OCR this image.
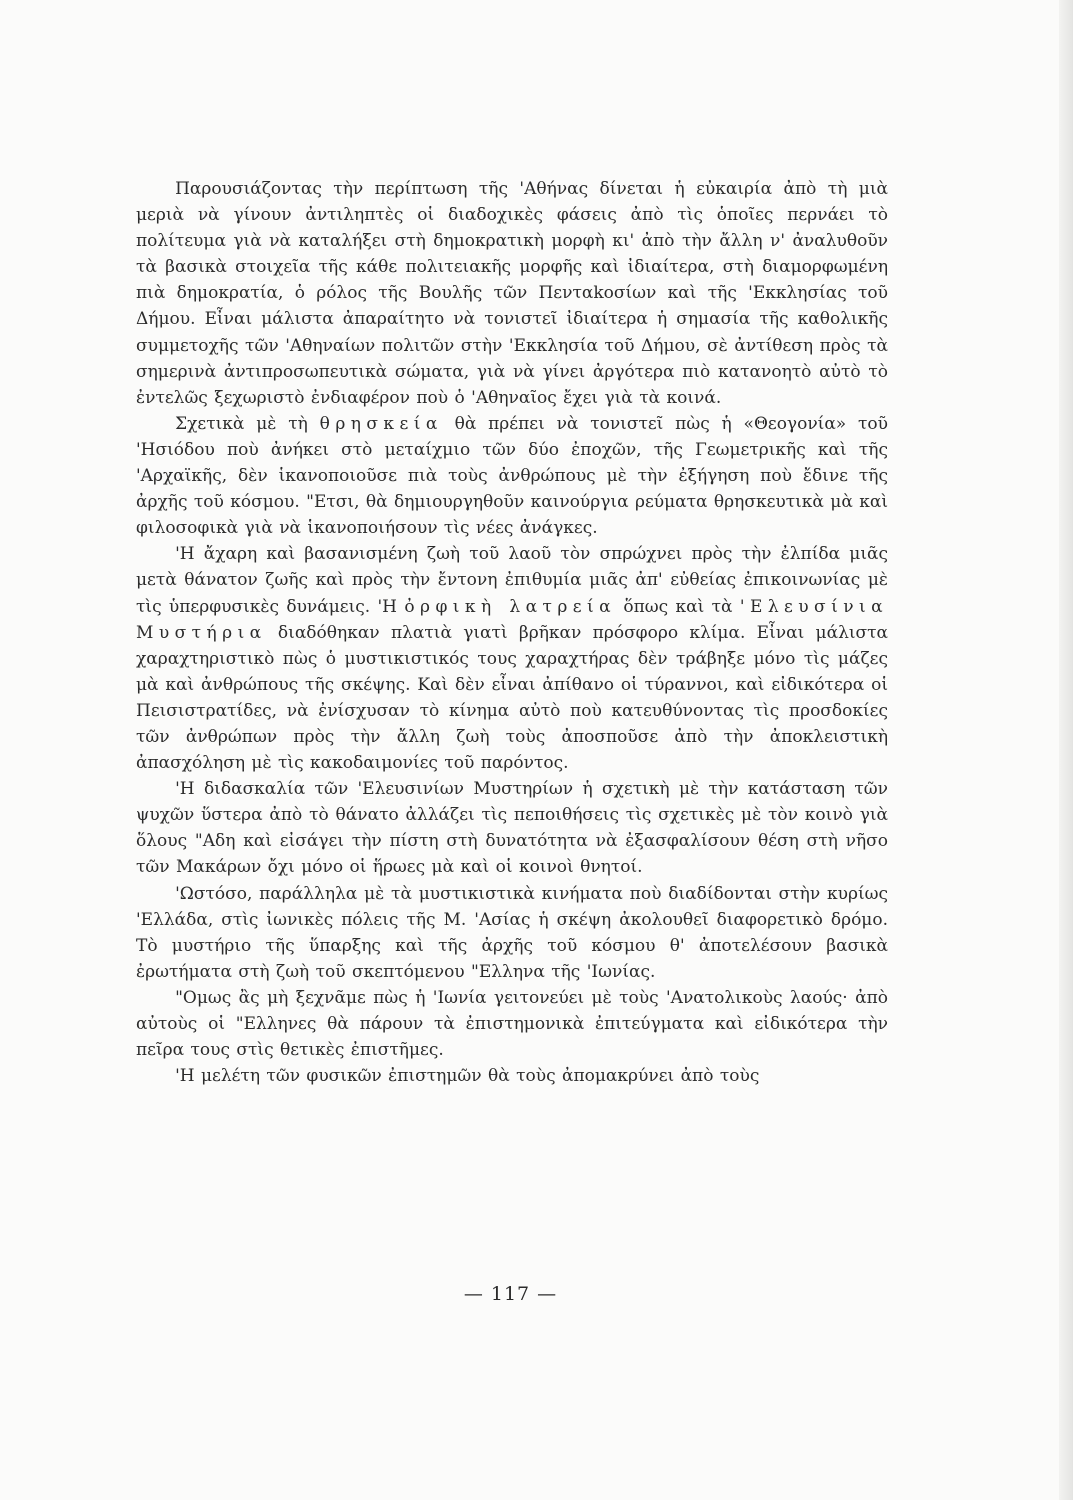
Παρουσιάζοντας τὴν περίπτωση τῆς 'Αθήνας δίνεται ἡ εὐκαιρία ἀπὸ τὴ μιὰ μεριὰ νὰ γίνουν ἀντιληπτὲς οἱ διαδοχικὲς φάσεις ἀπὸ τὶς ὁποῖες περνάει τὸ πολίτευμα γιὰ νὰ καταλήξει στὴ δημοκρατικὴ μορφὴ κι' ἀπὸ τὴν ἄλλη ν' ἀναλυθοῦν τὰ βασικὰ στοιχεῖα τῆς κάθε πολιτειακῆς μορφῆς καὶ ἰδιαίτερα, στὴ διαμορφωμένη πιὰ δημοκρατία, ὁ ρόλος τῆς Βουλῆς τῶν Πενταkοσίων καὶ τῆς 'Εκκλησίας τοῦ Δήμου. Εἶναι μάλιστα ἀπαραίτητο νὰ τονιστεῖ ἰδιαίτερα ἡ σημασία τῆς καθολικῆς συμμετοχῆς τῶν 'Αθηναίων πολιτῶν στὴν 'Εκκλησία τοῦ Δήμου, σὲ ἀντίθεση πρὸς τὰ σημερινὰ ἀντιπροσωπευτικὰ σώματα, γιὰ νὰ γίνει ἀργότερα πιὸ κατανοητὸ αὐτὸ τὸ ἐντελῶς ξεχωριστὸ ἐνδιαφέρον ποὺ ὁ 'Αθηναῖος ἔχει γιὰ τὰ κοινά.

Σχετικὰ μὲ τὴ θρησκεία θὰ πρέπει νὰ τονιστεῖ πὼς ἡ «Θεογονία» τοῦ 'Ησιόδου ποὺ ἀνήκει στὸ μεταίχμιο τῶν δύο ἐποχῶν, τῆς Γεωμετρικῆς καὶ τῆς 'Αρχαϊκῆς, δὲν ἱκανοποιοῦσε πιὰ τοὺς ἀνθρώπους μὲ τὴν ἐξήγηση ποὺ ἔδινε τῆς ἀρχῆς τοῦ κόσμου. "Ετσι, θὰ δημιουργηθοῦν καινούργια ρεύματα θρησκευτικὰ μὰ καὶ φιλοσοφικὰ γιὰ νὰ ἱκανοποιήσουν τὶς νέες ἀνάγκες.

'Η ἄχαρη καὶ βασανισμένη ζωὴ τοῦ λαοῦ τὸν σπρώχνει πρὸς τὴν ἐλπίδα μιᾶς μετὰ θάνατον ζωῆς καὶ πρὸς τὴν ἔντονη ἐπιθυμία μιᾶς ἀπ' εὐθείας ἐπικοινωνίας μὲ τὶς ὑπερφυσικὲς δυνάμεις. 'Η ὀρφικὴ λατρεία ὅπως καὶ τὰ 'Ελευσίνια Μυστήρια διαδόθηκαν πλατιὰ γιατὶ βρῆκαν πρόσφορο κλίμα. Εἶναι μάλιστα χαραχτηριστικὸ πὼς ὁ μυστικιστικός τους χαραχτήρας δὲν τράβηξε μόνο τὶς μάζες μὰ καὶ ἀνθρώπους τῆς σκέψης. Καὶ δὲν εἶναι ἀπίθανο οἱ τύραννοι, καὶ εἰδικότερα οἱ Πεισιστρατίδες, νὰ ἐνίσχυσαν τὸ κίνημα αὐτὸ ποὺ κατευθύνοντας τὶς προσδοκίες τῶν ἀνθρώπων πρὸς τὴν ἄλλη ζωὴ τοὺς ἀποσποῦσε ἀπὸ τὴν ἀποκλειστικὴ ἀπασχόληση μὲ τὶς κακοδαιμονίες τοῦ παρόντος.

'Η διδασκαλία τῶν 'Ελευσινίων Μυστηρίων ἡ σχετικὴ μὲ τὴν κατάσταση τῶν ψυχῶν ὕστερα ἀπὸ τὸ θάνατο ἀλλάζει τὶς πεποιθήσεις τὶς σχετικὲς μὲ τὸν κοινὸ γιὰ ὅλους "Αδη καὶ εἰσάγει τὴν πίστη στὴ δυνατότητα νὰ ἐξασφαλίσουν θέση στὴ νῆσο τῶν Μακάρων ὄχι μόνο οἱ ἥρωες μὰ καὶ οἱ κοινοὶ θνητοί.

'Ωστόσο, παράλληλα μὲ τὰ μυστικιστικὰ κινήματα ποὺ διαδίδονται στὴν κυρίως 'Ελλάδα, στὶς ἰωνικὲς πόλεις τῆς Μ. 'Ασίας ἡ σκέψη ἀκολουθεῖ διαφορετικὸ δρόμο. Τὸ μυστήριο τῆς ὕπαρξης καὶ τῆς ἀρχῆς τοῦ κόσμου θ' ἀποτελέσουν βασικὰ ἐρωτήματα στὴ ζωὴ τοῦ σκεπτόμενου "Ελληνα τῆς 'Ιωνίας.

"Ομως ἂς μὴ ξεχνᾶμε πὼς ἡ 'Ιωνία γειτονεύει μὲ τοὺς 'Ανατολικοὺς λαούς· ἀπὸ αὐτοὺς οἱ "Ελληνες θὰ πάρουν τὰ ἐπιστημονικὰ ἐπιτεύγματα καὶ εἰδικότερα τὴν πεῖρα τους στὶς θετικὲς ἐπιστῆμες.

'Η μελέτη τῶν φυσικῶν ἐπιστημῶν θὰ τοὺς ἀπομακρύνει ἀπὸ τοὺς

— 117 —
